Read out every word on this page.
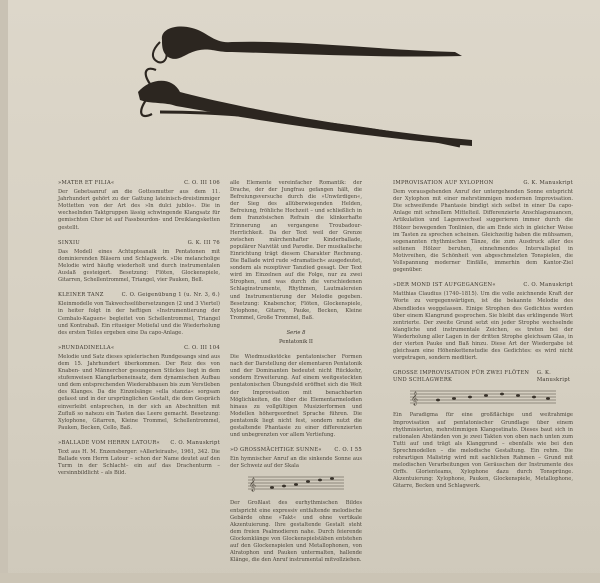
»MATER ET FILIA«	C. O. III 106
Der Gebetsanruf an die Gottesmutter aus dem 11. Jahrhundert gehört zu der Gattung lateinisch-dreistimmiger Mottetten von der Art des »In dulci jubilo«. Die in wechselnden Taktgruppen lässig schwingende Klangsatz für gemischten Chor ist auf Fassbourdon- und Dreiklangsketten gestellt.
SINXIU	G. K. III 76
Das Modell eines Achtupteanaik im Pentatonen mit dominierenden Bläsern und Schlagwerk. »Die melancholige Melodie wird häufig wiederholt und durch instrumentalen Auslaß gesteigert. Besetzung: Flöten, Glockenspiele, Gitarren, Schellentrommel, Triangel, vier Pauken, Bell.
KLEINER TANZ	C. O. Geigenübung 1 (u. Nr. 3, 6.)
Kleinmodelle von Takwechselübersetzungen (2 und 3 Viertel) in heiter folgt in der heftigen »Instrumentierung der Cembalo-Kaguen« begleitet von Schellentrommel, Triangel und Kontrabaß. Ein ritueiger Motiefal und die Wiederholung des ersten Teiles ergeben eine Da capo-Anlage.
»RUNDADINELLA«	C. O. III 104
Melodie und Satz dieses spielerischen Rundgesangs sind aus dem 15. Jahrhundert überkommen. Der Reiz des von Knaben- und Männerchor gesungenen Stückes liegt in dem stufenweisen Klangfarbeneinsatz, dem dynamischen Aufbau und dem entsprechenden Wiederabbauen bis zum Verstleben des Klanges. Da die Einzelsänge »ella stanzia« sorgsam gefasst und in der ursprünglichen Gestalt, die dem Gespräch einverleibt entsprechen, in der sich an Abschnitten mit Zufluß so nahezu ein Tasten das Leere gemacht. Besetzung: Xylophone, Gitarren, Kleine Trommel, Schellentrommel, Pauken, Becken, Cello, Baß.
»BALLADE VOM HERRN LATOUR« C. O. Manuskript
Text aus H. M. Enzensberger: »Allerleirauh«, 1961, 342. Die Ballade vom Herrn Latour – schon der Name deutet auf den Turm in der Schlacht– ein auf das Drachenturm – versinnbildlicht – als Bild.
alle Elemente vereinfacher Romantik: der Drache, der der Jungfrau gefangen hält, die Befreiungsversuche durch die »Unwürdigen«, der Sieg des allüberwiegenden Helden, Befreiung, fröhliche Hochzeit – und schließlich in dem französischen Refrain die klinkerhafte Erinnerung an vergangene Troubadour-Herrlichkeit. Da der Text weil der Grenze zwischen märchenhafter Kinderballade, populärer Naivität und Parodie. Der musikalische Einrichtung trägt diesem Charakter Rechnung. Die Ballade wird rude »dramatisch« ausgedeutet, sondern als rezeptiver Tanzlied gesagt. Der Text wird im Einzelnen auf die Folge, nur zu zwei Strophen, und was durch die verschiedenen Schlaginstrumente, Rhythmen, Lautmalereien und Instrumentierung der Melodie gegeben. Besetzung: Knabenchor, Flöten, Glockenspiele, Xylophone, Gitarre, Pauke, Becken, Kleine Trommel, Große Trommel, Baß.
Serie 8
Pentatonik II
Die Wiedmusikstöcke pentatonischer Formen nach der Darstellung der elementaren Pentatonik und der Dominanten bedeutet nicht Rückkehr, sondern Erweiterung. Auf einem weitgesteckten pentatonischen Übungsfeld eröffnet sich die Welt der Improvisation mit benachbarten Möglichkeiten, die über die Elementarmelodien hinaus zu vollgültigen Musizierformen und Modellen höhergeordnet Sprache führen. Die pentatonik liegt nicht fest, sondern nutzt die gestaltende Phantasie zu einer differenzierten und unbegrenzten vor allem Vertiefung.
»O GROSSMÄCHTIGE SUNNE« C. O. I 55
Ein hymnischer Anruf an die sinkende Sonne aus der Schweiz auf der Skala
𝄞
Der Großlast des eurhythmischen Bildes entspricht eine expressiv entfaltende melodische Gebärde ohne »Takt« und ohne vertikale Akzentuierung. Ihre gestaltende Gestalt steht dem freien Psalmodieren nahe. Durch feierende Glockenklänge von Glockenspielstäben entstehen auf den Glockenspielen und Metallophonen, von Alratophon und Pauken untermalten, hallende Klänge, die den Anruf instrumental mitvollziehen.
IMPROVISATION AUF XYLOPHON	G. K. Manuskript
Dem vorausgehenden Anruf der untergehenden Sonne entspricht der Xylophon mit einer mehrstimmigen modernen Improvisation. Die schweifende Phantasie bindigt sich selbst in einer Da capo-Anlage mit schnellem Mittelteil. Differenzierte Anschlagsnuancen, Artikulation und Lagenwechsel suggerieren immer durch die Hölzer bewegenden Tonlinien, die am Ende sich in gleicher Weise im Tasten zu sprechen scheinen. Gleichzeitig haben die mühsamen, sogenannten rhythmischen Tänze, die zum Ausdruck aller des seltenen Hölzer beruhen, einnehmendes Intervallspiel in Motivreihen, die Schönheit von abgeschmelzten Tonspielen, die Vollspannung moderner Einfälle, immerhin dem Kantor-Ziel gegenüber.
»DER MOND IST AUFGEGANGEN«	C. O. Manuskript
Matthias Claudius (1740–1815). Um die volle zeichnende Kraft der Worte zu vergegenwärtigen, ist die bekannte Melodie des Abendliedes weggelassen. Einige Strophen des Gedichtes werden über einem Klangrund gesprochen. Sie bleibt das erklingende Wort zentrierte. Der zweite Grund setzt ein jeder Strophe wechselnde klangliche und instrumentale Zeichen, es treten bei der Wiederholung aller Lagen in der dritten Strophe gleichsam Glas, in der vierten Pauke und Baß hinzu. Diese Art der Wiedergabe ist gleichsam eine Höhenkettenstudie des Gedichtes: es wird nicht vorgetragen, sondern meditiert.
GROSSE IMPROVISATION FÜR ZWEI FLÖTEN UND SCHLAGWERK
G. K. Manuskript
𝄞
Ein Paradigma für eine großflächige und weitrahmige Improvisation auf pentatonischer Grundlage über einem rhythmisierten, mehrstimmigen Klangostinato. Dieses baut sich in rationalen Abständen von je zwei Takten von oben nach unten zum Tutti auf und trägt als Klanggrund – ebenfalls wie bei den Sprechmodellen – die melodische Gestaltung. Ein rehm. Die rohrartigen Malistrig wird mit sachlichen Rahmen – Grund mit melodischen Verarbeitungen von Geräuschen der Instrumente des Orffs. Glorienteams, Xylophone dazu durch Tonsprünge. Akzentuierung: Xylophone, Pauken, Glockenspiele, Metallophone, Gitarre, Becken und Schlagwerk.
